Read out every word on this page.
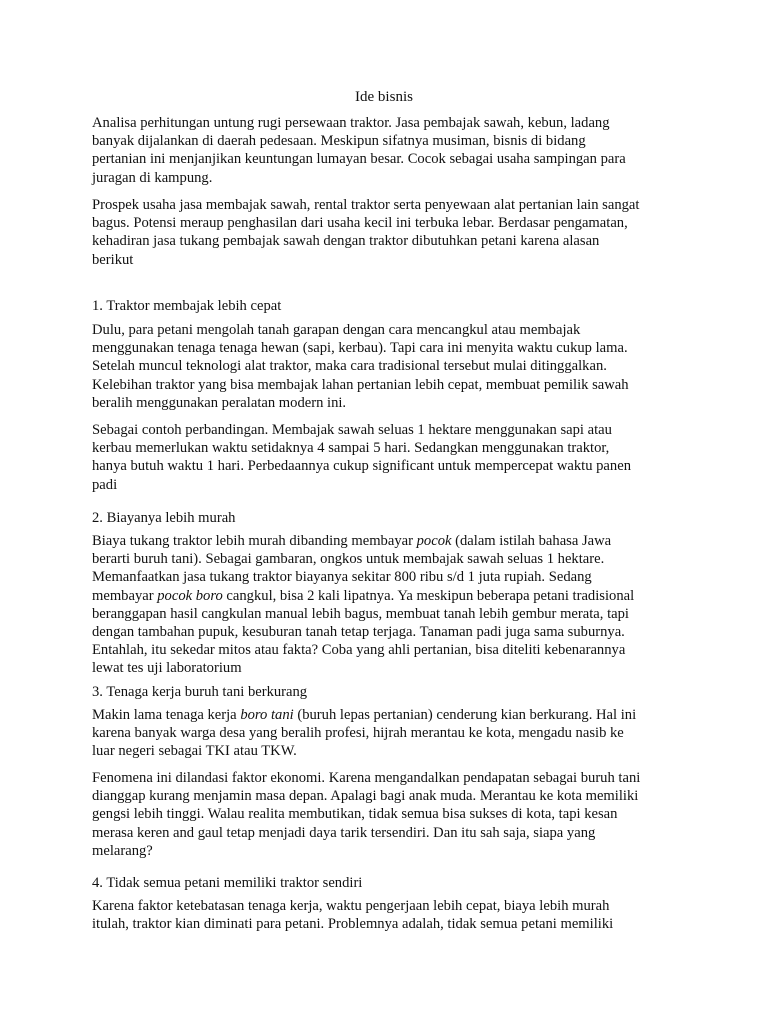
Ide bisnis
Analisa perhitungan untung rugi persewaan traktor. Jasa pembajak sawah, kebun, ladang
banyak dijalankan di daerah pedesaan. Meskipun sifatnya musiman, bisnis di bidang
pertanian ini menjanjikan keuntungan lumayan besar. Cocok sebagai usaha sampingan para
juragan di kampung.
Prospek usaha jasa membajak sawah, rental traktor serta penyewaan alat pertanian lain sangat
bagus. Potensi meraup penghasilan dari usaha kecil ini terbuka lebar. Berdasar pengamatan,
kehadiran jasa tukang pembajak sawah dengan traktor dibutuhkan petani karena alasan
berikut
1. Traktor membajak lebih cepat
Dulu, para petani mengolah tanah garapan dengan cara mencangkul atau membajak
menggunakan tenaga tenaga hewan (sapi, kerbau). Tapi cara ini menyita waktu cukup lama.
Setelah muncul teknologi alat traktor, maka cara tradisional tersebut mulai ditinggalkan.
Kelebihan traktor yang bisa membajak lahan pertanian lebih cepat, membuat pemilik sawah
beralih menggunakan peralatan modern ini.
Sebagai contoh perbandingan. Membajak sawah seluas 1 hektare menggunakan sapi atau
kerbau memerlukan waktu setidaknya 4 sampai 5 hari. Sedangkan menggunakan traktor,
hanya butuh waktu 1 hari. Perbedaannya cukup significant untuk mempercepat waktu panen
padi
2. Biayanya lebih murah
Biaya tukang traktor lebih murah dibanding membayar pocok (dalam istilah bahasa Jawa
berarti buruh tani). Sebagai gambaran, ongkos untuk membajak sawah seluas 1 hektare.
Memanfaatkan jasa tukang traktor biayanya sekitar 800 ribu s/d 1 juta rupiah. Sedang
membayar pocok boro cangkul, bisa 2 kali lipatnya. Ya meskipun beberapa petani tradisional
beranggapan hasil cangkulan manual lebih bagus, membuat tanah lebih gembur merata, tapi
dengan tambahan pupuk, kesuburan tanah tetap terjaga. Tanaman padi juga sama suburnya.
Entahlah, itu sekedar mitos atau fakta? Coba yang ahli pertanian, bisa diteliti kebenarannya
lewat tes uji laboratorium
3. Tenaga kerja buruh tani berkurang
Makin lama tenaga kerja boro tani (buruh lepas pertanian) cenderung kian berkurang. Hal ini
karena banyak warga desa yang beralih profesi, hijrah merantau ke kota, mengadu nasib ke
luar negeri sebagai TKI atau TKW.
Fenomena ini dilandasi faktor ekonomi. Karena mengandalkan pendapatan sebagai buruh tani
dianggap kurang menjamin masa depan. Apalagi bagi anak muda. Merantau ke kota memiliki
gengsi lebih tinggi. Walau realita membutikan, tidak semua bisa sukses di kota, tapi kesan
merasa keren and gaul tetap menjadi daya tarik tersendiri. Dan itu sah saja, siapa yang
melarang?
4. Tidak semua petani memiliki traktor sendiri
Karena faktor ketebatasan tenaga kerja, waktu pengerjaan lebih cepat, biaya lebih murah
itulah, traktor kian diminati para petani. Problemnya adalah, tidak semua petani memiliki
